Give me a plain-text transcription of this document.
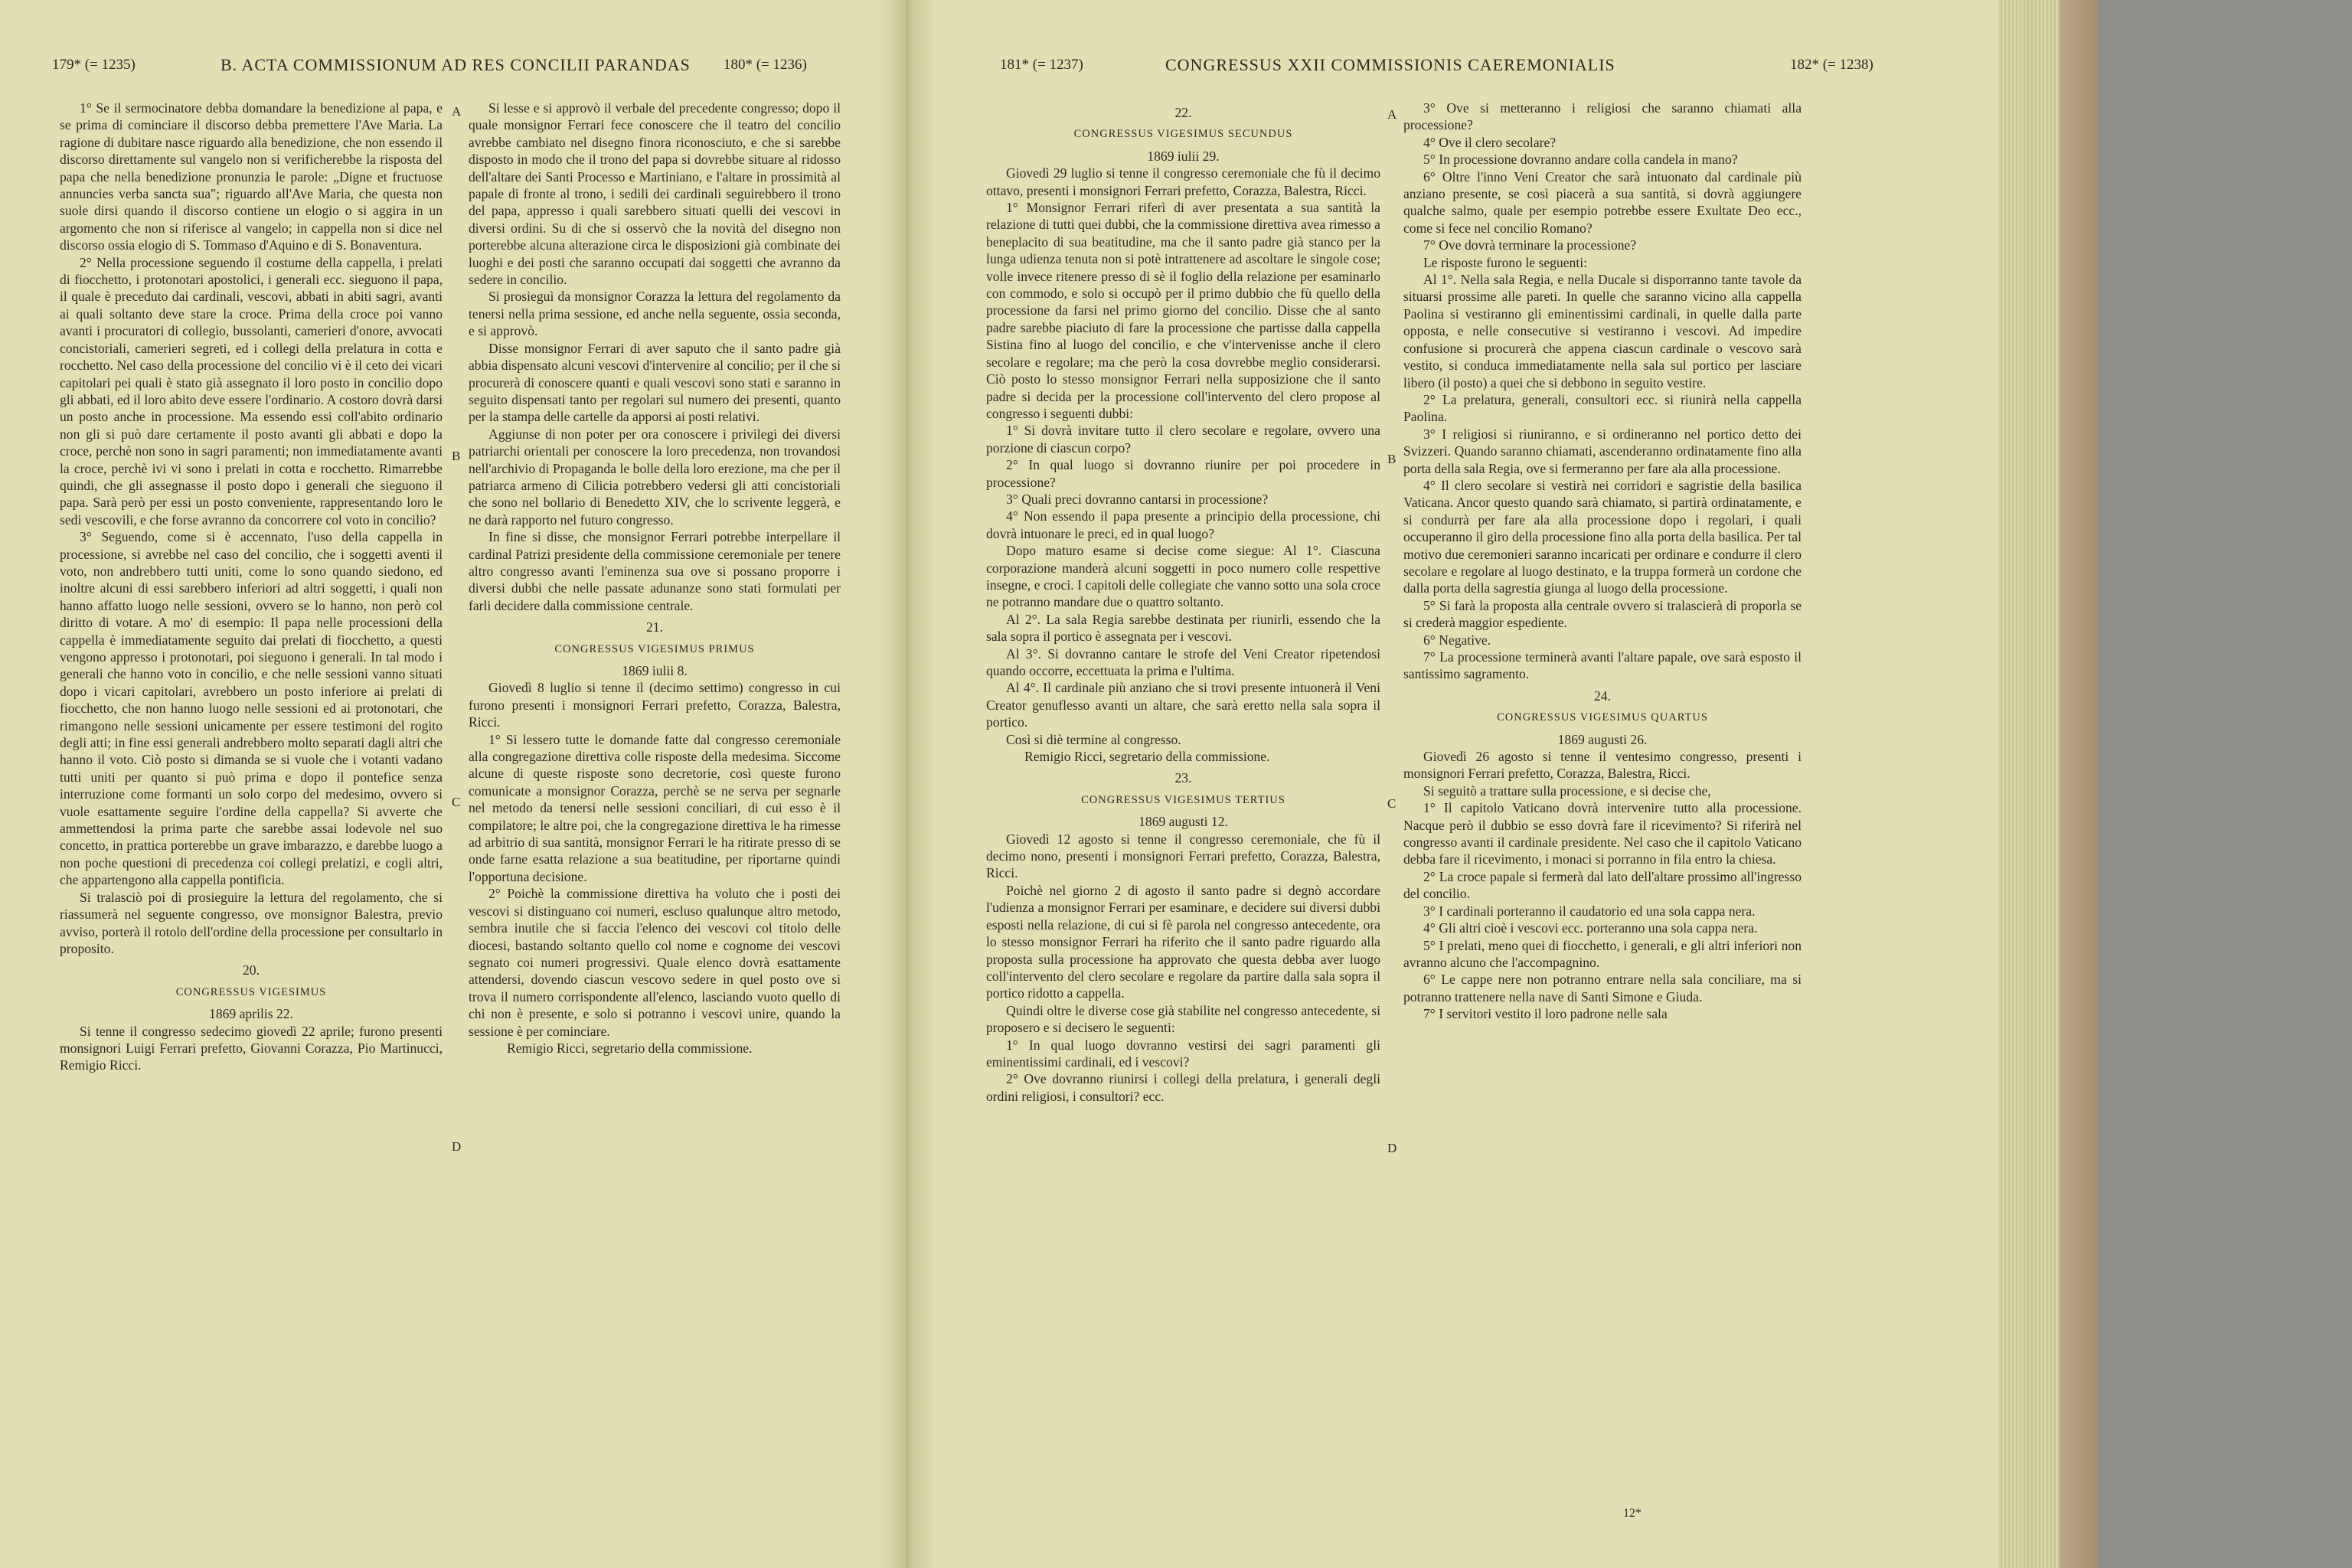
179* (= 1235)	B. ACTA COMMISSIONUM AD RES CONCILII PARANDAS 180* (= 1236)

1° Se il sermocinatore debba domandare la benedizione al papa, e se prima di cominciare il discorso debba premettere l'Ave Maria. La ragione di dubitare nasce riguardo alla benedizione, che non essendo il discorso direttamente sul vangelo non si verificherebbe la risposta del papa che nella benedizione pronunzia le parole: „Digne et fructuose annuncies verba sancta sua"; riguardo all'Ave Maria, che questa non suole dirsi quando il discorso contiene un elogio o si aggira in un argomento che non si riferisce al vangelo; in cappella non si dice nel discorso ossia elogio di S. Tommaso d'Aquino e di S. Bonaventura.

2° Nella processione seguendo il costume della cappella, i prelati di fiocchetto, i protonotari apostolici, i generali ecc. sieguono il papa, il quale è preceduto dai cardinali, vescovi, abbati in abiti sagri, avanti ai quali soltanto deve stare la croce. Prima della croce poi vanno avanti i procuratori di collegio, bussolanti, camerieri d'onore, avvocati concistoriali, camerieri segreti, ed i collegi della prelatura in cotta e rocchetto. Nel caso della processione del concilio vi è il ceto dei vicari capitolari pei quali è stato già assegnato il loro posto in concilio dopo gli abbati, ed il loro abito deve essere l'ordinario. A costoro dovrà darsi un posto anche in processione. Ma essendo essi coll'abito ordinario non gli si può dare certamente il posto avanti gli abbati e dopo la croce, perchè non sono in sagri paramenti; non immediatamente avanti la croce, perchè ivi vi sono i prelati in cotta e rocchetto. Rimarrebbe quindi, che gli assegnasse il posto dopo i generali che sieguono il papa. Sarà però per essi un posto conveniente, rappresentando loro le sedi vescovili, e che forse avranno da concorrere col voto in concilio?

3° Seguendo, come si è accennato, l'uso della cappella in processione, si avrebbe nel caso del concilio, che i soggetti aventi il voto, non andrebbero tutti uniti, come lo sono quando siedono, ed inoltre alcuni di essi sarebbero inferiori ad altri soggetti, i quali non hanno affatto luogo nelle sessioni, ovvero se lo hanno, non però col diritto di votare. A mo' di esempio: Il papa nelle processioni della cappella è immediatamente seguito dai prelati di fiocchetto, a questi vengono appresso i protonotari, poi sieguono i generali. In tal modo i generali che hanno voto in concilio, e che nelle sessioni vanno situati dopo i vicari capitolari, avrebbero un posto inferiore ai prelati di fiocchetto, che non hanno luogo nelle sessioni ed ai protonotari, che rimangono nelle sessioni unicamente per essere testimoni del rogito degli atti; in fine essi generali andrebbero molto separati dagli altri che hanno il voto. Ciò posto si dimanda se si vuole che i votanti vadano tutti uniti per quanto si può prima e dopo il pontefice senza interruzione come formanti un solo corpo del medesimo, ovvero si vuole esattamente seguire l'ordine della cappella? Si avverte che ammettendosi la prima parte che sarebbe assai lodevole nel suo concetto, in prattica porterebbe un grave imbarazzo, e darebbe luogo a non poche questioni di precedenza coi collegi prelatizi, e cogli altri, che appartengono alla cappella pontificia.

Si tralasciò poi di prosieguire la lettura del regolamento, che si riassumerà nel seguente congresso, ove monsignor Balestra, previo avviso, porterà il rotolo dell'ordine della processione per consultarlo in proposito.

20.

CONGRESSUS VIGESIMUS

1869 aprilis 22.

Si tenne il congresso sedecimo giovedì 22 aprile; furono presenti monsignori Luigi Ferrari prefetto, Giovanni Corazza, Pio Martinucci, Remigio Ricci.

Si lesse e si approvò il verbale del precedente congresso; dopo il quale monsignor Ferrari fece conoscere che il teatro del concilio avrebbe cambiato nel disegno finora riconosciuto, e che si sarebbe disposto in modo che il trono del papa si dovrebbe situare al ridosso dell'altare dei Santi Processo e Martiniano, e l'altare in prossimità al papale di fronte al trono, i sedili dei cardinali seguirebbero il trono del papa, appresso i quali sarebbero situati quelli dei vescovi in diversi ordini. Su di che si osservò che la novità del disegno non porterebbe alcuna alterazione circa le disposizioni già combinate dei luoghi e dei posti che saranno occupati dai soggetti che avranno da sedere in concilio.

Si prosieguì da monsignor Corazza la lettura del regolamento da tenersi nella prima sessione, ed anche nella seguente, ossia seconda, e si approvò.

Disse monsignor Ferrari di aver saputo che il santo padre già abbia dispensato alcuni vescovi d'intervenire al concilio; per il che si procurerà di conoscere quanti e quali vescovi sono stati e saranno in seguito dispensati tanto per regolari sul numero dei presenti, quanto per la stampa delle cartelle da apporsi ai posti relativi.

Aggiunse di non poter per ora conoscere i privilegi dei diversi patriarchi orientali per conoscere la loro precedenza, non trovandosi nell'archivio di Propaganda le bolle della loro erezione, ma che per il patriarca armeno di Cilicia potrebbero vedersi gli atti concistoriali che sono nel bollario di Benedetto XIV, che lo scrivente leggerà, e ne darà rapporto nel futuro congresso.

In fine si disse, che monsignor Ferrari potrebbe interpellare il cardinal Patrizi presidente della commissione ceremoniale per tenere altro congresso avanti l'eminenza sua ove si possano proporre i diversi dubbi che nelle passate adunanze sono stati formulati per farli decidere dalla commissione centrale.

21.

CONGRESSUS VIGESIMUS PRIMUS

1869 iulii 8.

Giovedì 8 luglio si tenne il (decimo settimo) congresso in cui furono presenti i monsignori Ferrari prefetto, Corazza, Balestra, Ricci.

1° Si lessero tutte le domande fatte dal congresso ceremoniale alla congregazione direttiva colle risposte della medesima. Siccome alcune di queste risposte sono decretorie, così queste furono comunicate a monsignor Corazza, perchè se ne serva per segnarle nel metodo da tenersi nelle sessioni conciliari, di cui esso è il compilatore; le altre poi, che la congregazione direttiva le ha rimesse ad arbitrio di sua santità, monsignor Ferrari le ha ritirate presso di se onde farne esatta relazione a sua beatitudine, per riportarne quindi l'opportuna decisione.

2° Poichè la commissione direttiva ha voluto che i posti dei vescovi si distinguano coi numeri, escluso qualunque altro metodo, sembra inutile che si faccia l'elenco dei vescovi col titolo delle diocesi, bastando soltanto quello col nome e cognome dei vescovi segnato coi numeri progressivi. Quale elenco dovrà esattamente attendersi, dovendo ciascun vescovo sedere in quel posto ove si trova il numero corrispondente all'elenco, lasciando vuoto quello di chi non è presente, e solo si potranno i vescovi unire, quando la sessione è per cominciare.

Remigio Ricci, segretario della commissione.

A
B
C
D
181* (= 1237)	CONGRESSUS XXII COMMISSIONIS CAEREMONIALIS	182* (= 1238)

22.

CONGRESSUS VIGESIMUS SECUNDUS

1869 iulii 29.

Giovedì 29 luglio si tenne il congresso ceremoniale che fù il decimo ottavo, presenti i monsignori Ferrari prefetto, Corazza, Balestra, Ricci.

1° Monsignor Ferrari riferì di aver presentata a sua santità la relazione di tutti quei dubbi, che la commissione direttiva avea rimesso a beneplacito di sua beatitudine, ma che il santo padre già stanco per la lunga udienza tenuta non si potè intrattenere ad ascoltare le singole cose; volle invece ritenere presso di sè il foglio della relazione per esaminarlo con commodo, e solo si occupò per il primo dubbio che fù quello della processione da farsi nel primo giorno del concilio. Disse che al santo padre sarebbe piaciuto di fare la processione che partisse dalla cappella Sistina fino al luogo del concilio, e che v'intervenisse anche il clero secolare e regolare; ma che però la cosa dovrebbe meglio considerarsi. Ciò posto lo stesso monsignor Ferrari nella supposizione che il santo padre si decida per la processione coll'intervento del clero propose al congresso i seguenti dubbi:

1° Si dovrà invitare tutto il clero secolare e regolare, ovvero una porzione di ciascun corpo?

2° In qual luogo si dovranno riunire per poi procedere in processione?

3° Quali preci dovranno cantarsi in processione?

4° Non essendo il papa presente a principio della processione, chi dovrà intuonare le preci, ed in qual luogo?

Dopo maturo esame si decise come siegue: Al 1°. Ciascuna corporazione manderà alcuni soggetti in poco numero colle respettive insegne, e croci. I capitoli delle collegiate che vanno sotto una sola croce ne potranno mandare due o quattro soltanto.

Al 2°. La sala Regia sarebbe destinata per riunirli, essendo che la sala sopra il portico è assegnata per i vescovi.

Al 3°. Si dovranno cantare le strofe del Veni Creator ripetendosi quando occorre, eccettuata la prima e l'ultima.

Al 4°. Il cardinale più anziano che si trovi presente intuonerà il Veni Creator genuflesso avanti un altare, che sarà eretto nella sala sopra il portico.

Così si diè termine al congresso.

Remigio Ricci, segretario della commissione.

23.

CONGRESSUS VIGESIMUS TERTIUS

1869 augusti 12.

Giovedì 12 agosto si tenne il congresso ceremoniale, che fù il decimo nono, presenti i monsignori Ferrari prefetto, Corazza, Balestra, Ricci.

Poichè nel giorno 2 di agosto il santo padre si degnò accordare l'udienza a monsignor Ferrari per esaminare, e decidere sui diversi dubbi esposti nella relazione, di cui si fè parola nel congresso antecedente, ora lo stesso monsignor Ferrari ha riferito che il santo padre riguardo alla proposta sulla processione ha approvato che questa debba aver luogo coll'intervento del clero secolare e regolare da partire dalla sala sopra il portico ridotto a cappella.

Quindi oltre le diverse cose già stabilite nel congresso antecedente, si proposero e si decisero le seguenti:

1° In qual luogo dovranno vestirsi dei sagri paramenti gli eminentissimi cardinali, ed i vescovi?

2° Ove dovranno riunirsi i collegi della prelatura, i generali degli ordini religiosi, i consultori? ecc.

3° Ove si metteranno i religiosi che saranno chiamati alla processione?

4° Ove il clero secolare?

5° In processione dovranno andare colla candela in mano?

6° Oltre l'inno Veni Creator che sarà intuonato dal cardinale più anziano presente, se così piacerà a sua santità, si dovrà aggiungere qualche salmo, quale per esempio potrebbe essere Exultate Deo ecc., come si fece nel concilio Romano?

7° Ove dovrà terminare la processione?

Le risposte furono le seguenti:

Al 1°. Nella sala Regia, e nella Ducale si disporranno tante tavole da situarsi prossime alle pareti. In quelle che saranno vicino alla cappella Paolina si vestiranno gli eminentissimi cardinali, in quelle dalla parte opposta, e nelle consecutive si vestiranno i vescovi. Ad impedire confusione si procurerà che appena ciascun cardinale o vescovo sarà vestito, si conduca immediatamente nella sala sul portico per lasciare libero (il posto) a quei che si debbono in seguito vestire.

2° La prelatura, generali, consultori ecc. si riunirà nella cappella Paolina.

3° I religiosi si riuniranno, e si ordineranno nel portico detto dei Svizzeri. Quando saranno chiamati, ascenderanno ordinatamente fino alla porta della sala Regia, ove si fermeranno per fare ala alla processione.

4° Il clero secolare si vestirà nei corridori e sagristie della basilica Vaticana. Ancor questo quando sarà chiamato, si partirà ordinatamente, e si condurrà per fare ala alla processione dopo i regolari, i quali occuperanno il giro della processione fino alla porta della basilica. Per tal motivo due ceremonieri saranno incaricati per ordinare e condurre il clero secolare e regolare al luogo destinato, e la truppa formerà un cordone che dalla porta della sagrestia giunga al luogo della processione.

5° Si farà la proposta alla centrale ovvero si tralascierà di proporla se si crederà maggior espediente.

6° Negative.

7° La processione terminerà avanti l'altare papale, ove sarà esposto il santissimo sagramento.

24.

CONGRESSUS VIGESIMUS QUARTUS

1869 augusti 26.

Giovedì 26 agosto si tenne il ventesimo congresso, presenti i monsignori Ferrari prefetto, Corazza, Balestra, Ricci.

Si seguitò a trattare sulla processione, e si decise che,

1° Il capitolo Vaticano dovrà intervenire tutto alla processione. Nacque però il dubbio se esso dovrà fare il ricevimento? Si riferirà nel congresso avanti il cardinale presidente. Nel caso che il capitolo Vaticano debba fare il ricevimento, i monaci si porranno in fila entro la chiesa.

2° La croce papale si fermerà dal lato dell'altare prossimo all'ingresso del concilio.

3° I cardinali porteranno il caudatorio ed una sola cappa nera.

4° Gli altri cioè i vescovi ecc. porteranno una sola cappa nera.

5° I prelati, meno quei di fiocchetto, i generali, e gli altri inferiori non avranno alcuno che l'accompagnino.

6° Le cappe nere non potranno entrare nella sala conciliare, ma si potranno trattenere nella nave di Santi Simone e Giuda.

7° I servitori vestito il loro padrone nelle sala

A
B
C
D
12*
